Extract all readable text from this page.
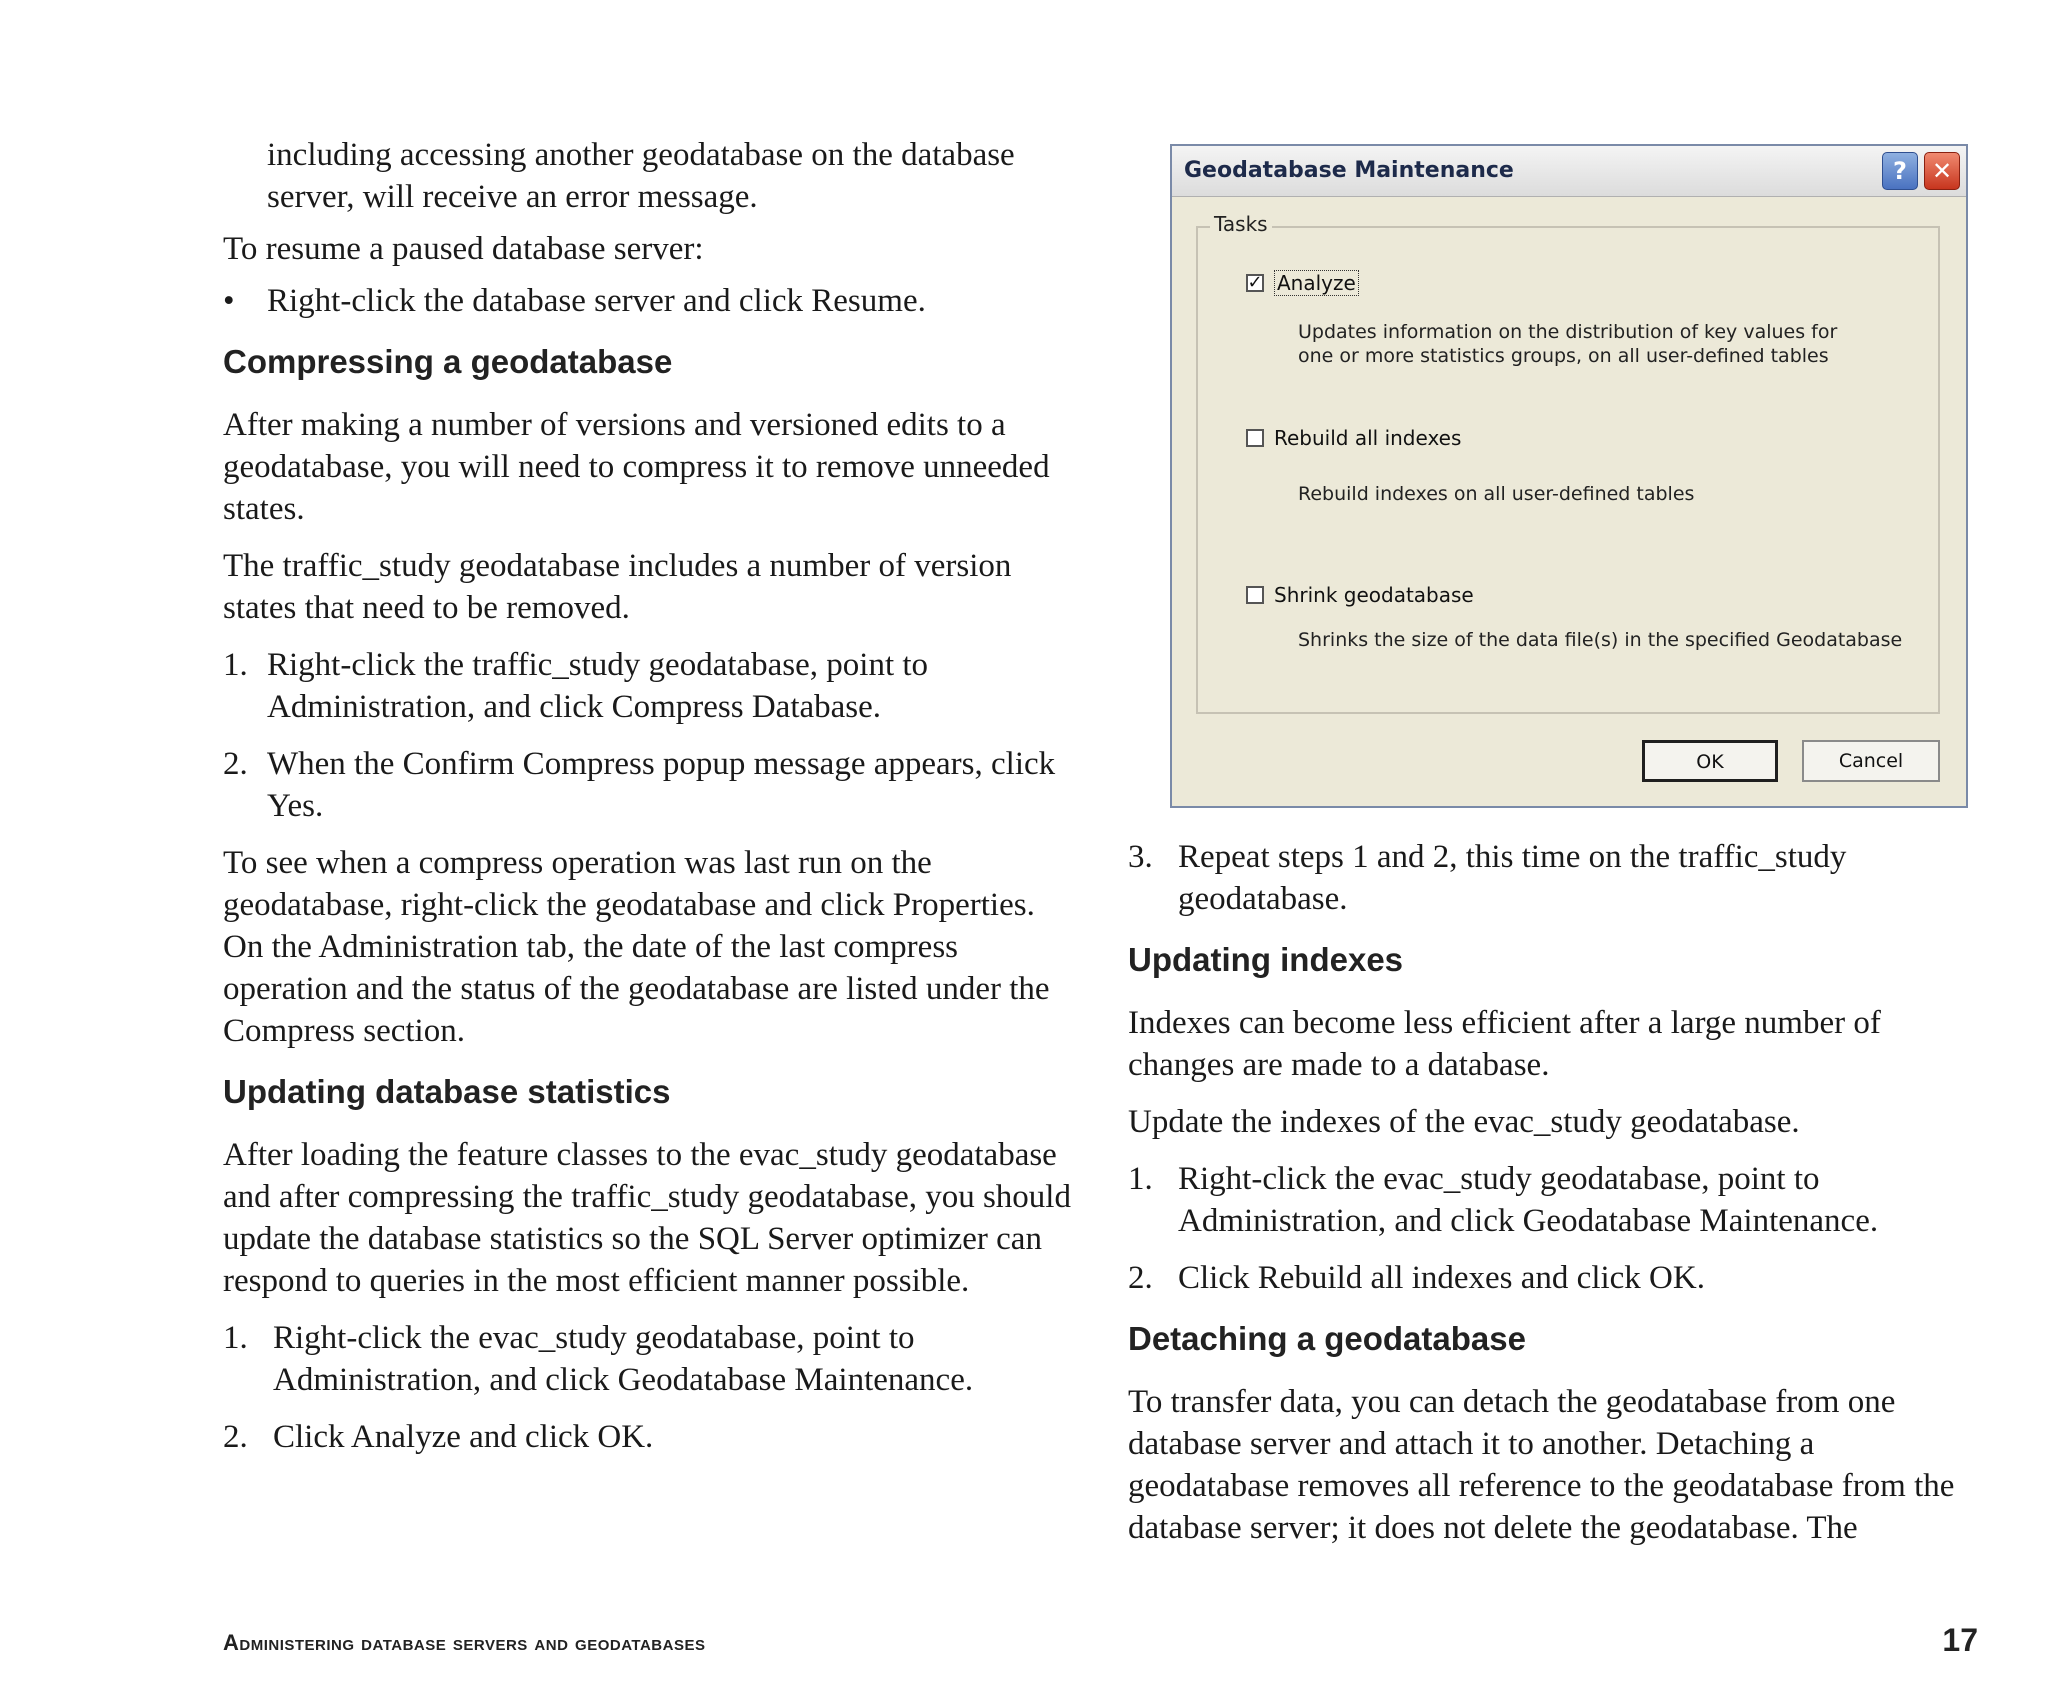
including accessing another geodatabase on the database server, will receive an error message.

To resume a paused database server:

• Right-click the database server and click Resume.

Compressing a geodatabase

After making a number of versions and versioned edits to a geodatabase, you will need to compress it to remove unneeded states.

The traffic_study geodatabase includes a number of version states that need to be removed.

1. Right-click the traffic_study geodatabase, point to Administration, and click Compress Database.

2. When the Confirm Compress popup message appears, click Yes.

To see when a compress operation was last run on the geodatabase, right-click the geodatabase and click Properties. On the Administration tab, the date of the last compress operation and the status of the geodatabase are listed under the Compress section.

Updating database statistics

After loading the feature classes to the evac_study geodatabase and after compressing the traffic_study geodatabase, you should update the database statistics so the SQL Server optimizer can respond to queries in the most efficient manner possible.

1. Right-click the evac_study geodatabase, point to Administration, and click Geodatabase Maintenance.

2. Click Analyze and click OK.

Geodatabase Maintenance	?	✕
Tasks
✓ Analyze
Updates information on the distribution of key values for one or more statistics groups, on all user-defined tables
Rebuild all indexes
Rebuild indexes on all user-defined tables
Shrink geodatabase
Shrinks the size of the data file(s) in the specified Geodatabase
OK	Cancel

3. Repeat steps 1 and 2, this time on the traffic_study geodatabase.

Updating indexes

Indexes can become less efficient after a large number of changes are made to a database.

Update the indexes of the evac_study geodatabase.

1. Right-click the evac_study geodatabase, point to Administration, and click Geodatabase Maintenance.

2. Click Rebuild all indexes and click OK.

Detaching a geodatabase

To transfer data, you can detach the geodatabase from one database server and attach it to another. Detaching a geodatabase removes all reference to the geodatabase from the database server; it does not delete the geodatabase. The

Administering database servers and geodatabases	17
